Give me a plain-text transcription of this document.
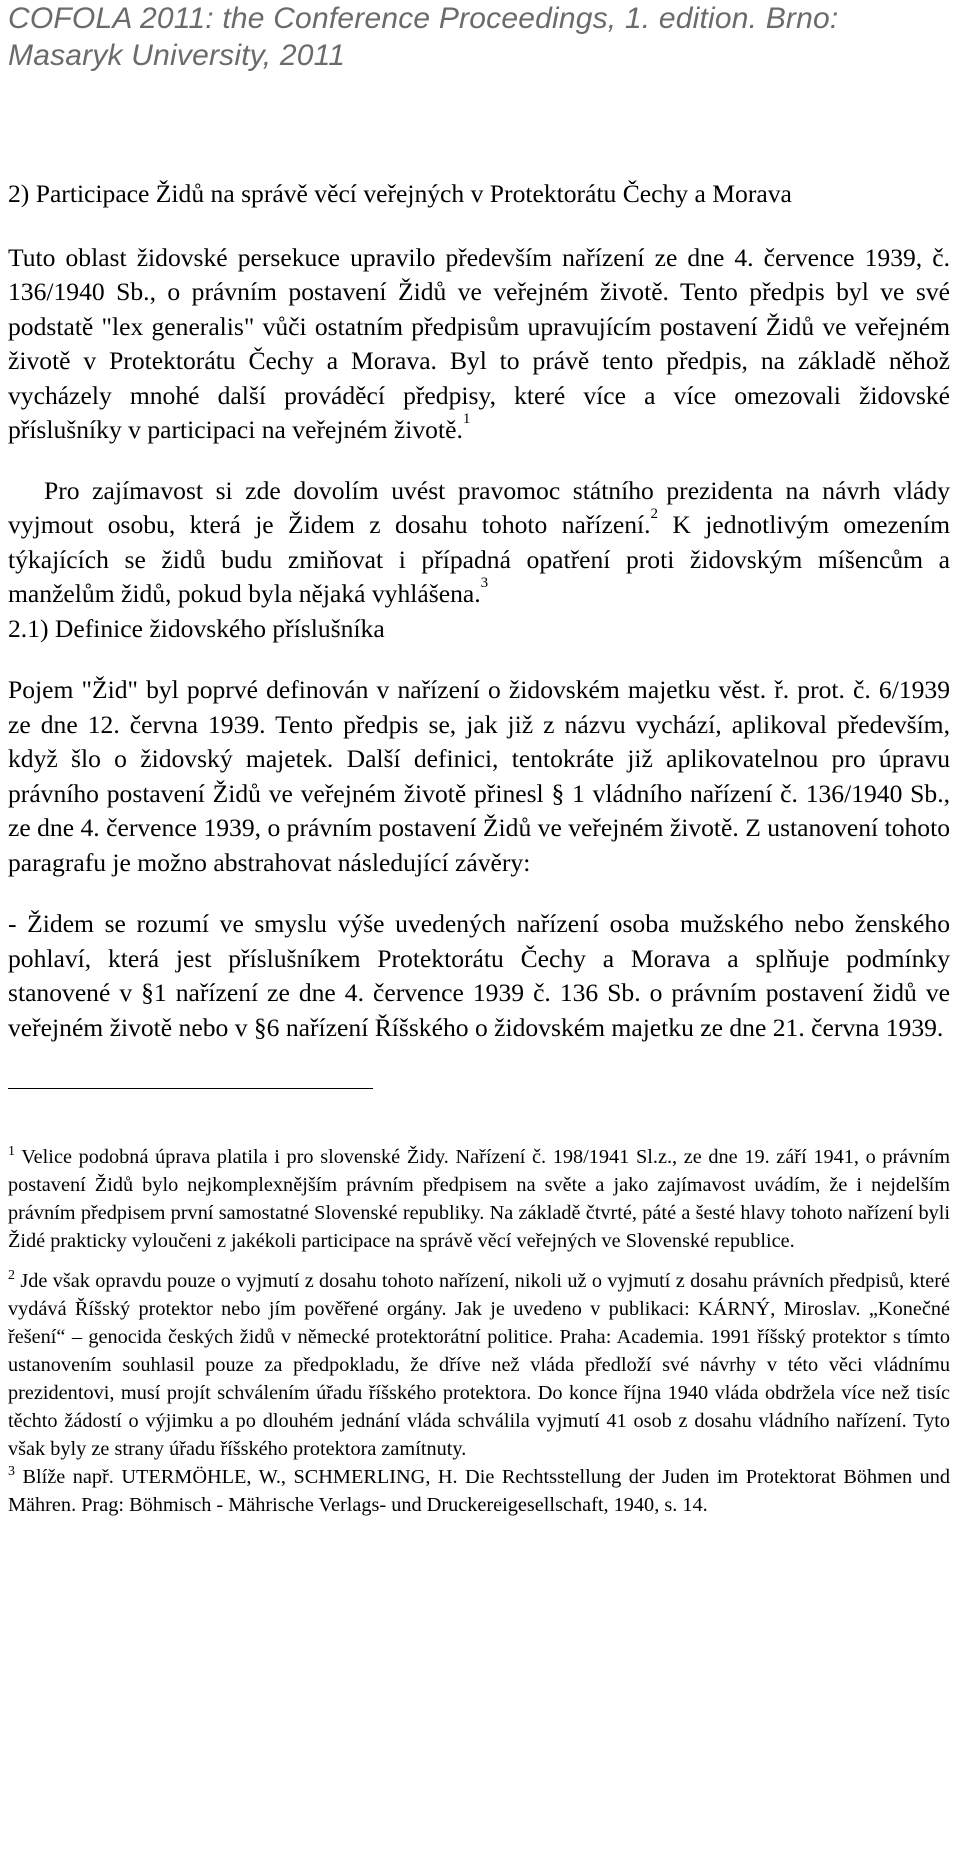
COFOLA 2011: the Conference Proceedings, 1. edition. Brno: Masaryk University, 2011
2) Participace Židů na správě věcí veřejných v Protektorátu Čechy a Morava

Tuto oblast židovské persekuce upravilo především nařízení ze dne 4. července 1939, č. 136/1940 Sb., o právním postavení Židů ve veřejném životě. Tento předpis byl ve své podstatě "lex generalis" vůči ostatním předpisům upravujícím postavení Židů ve veřejném životě v Protektorátu Čechy a Morava. Byl to právě tento předpis, na základě něhož vycházely mnohé další prováděcí předpisy, které více a více omezovali židovské příslušníky v participaci na veřejném životě.$^1$

Pro zajímavost si zde dovolím uvést pravomoc státního prezidenta na návrh vlády vyjmout osobu, která je Židem z dosahu tohoto nařízení.$^2$ K jednotlivým omezením týkajících se židů budu zmiňovat i případná opatření proti židovským míšencům a manželům židů, pokud byla nějaká vyhlášena.$^3$

2.1) Definice židovského příslušníka

Pojem "Žid" byl poprvé definován v nařízení o židovském majetku věst. ř. prot. č. 6/1939 ze dne 12. června 1939. Tento předpis se, jak již z názvu vychází, aplikoval především, když šlo o židovský majetek. Další definici, tentokráte již aplikovatelnou pro úpravu právního postavení Židů ve veřejném životě přinesl § 1 vládního nařízení č. 136/1940 Sb., ze dne 4. července 1939, o právním postavení Židů ve veřejném životě. Z ustanovení tohoto paragrafu je možno abstrahovat následující závěry:

- Židem se rozumí ve smyslu výše uvedených nařízení osoba mužského nebo ženského pohlaví, která jest příslušníkem Protektorátu Čechy a Morava a splňuje podmínky stanovené v §1 nařízení ze dne 4. července 1939 č. 136 Sb. o právním postavení židů ve veřejném životě nebo v §6 nařízení Říšského o židovském majetku ze dne 21. června 1939.

$^1$ Velice podobná úprava platila i pro slovenské Židy. Nařízení č. 198/1941 Sl.z., ze dne 19. září 1941, o právním postavení Židů bylo nejkomplexnějším právním předpisem na světe a jako zajímavost uvádím, že i nejdelším právním předpisem první samostatné Slovenské republiky. Na základě čtvrté, páté a šesté hlavy tohoto nařízení byli Židé prakticky vyloučeni z jakékoli participace na správě věcí veřejných ve Slovenské republice.

$^2$ Jde však opravdu pouze o vyjmutí z dosahu tohoto nařízení, nikoli už o vyjmutí z dosahu právních předpisů, které vydává Říšský protektor nebo jím pověřené orgány. Jak je uvedeno v publikaci: KÁRNÝ, Miroslav. „Konečné řešení“ – genocida českých židů v německé protektorátní politice. Praha: Academia. 1991 říšský protektor s tímto ustanovením souhlasil pouze za předpokladu, že dříve než vláda předloží své návrhy v této věci vládnímu prezidentovi, musí projít schválením úřadu říšského protektora. Do konce října 1940 vláda obdržela více než tisíc těchto žádostí o výjimku a po dlouhém jednání vláda schválila vyjmutí 41 osob z dosahu vládního nařízení. Tyto však byly ze strany úřadu říšského protektora zamítnuty.

$^3$ Blíže např. UTERMÖHLE, W., SCHMERLING, H. Die Rechtsstellung der Juden im Protektorat Böhmen und Mähren. Prag: Böhmisch - Mährische Verlags- und Druckereigesellschaft, 1940, s. 14.
